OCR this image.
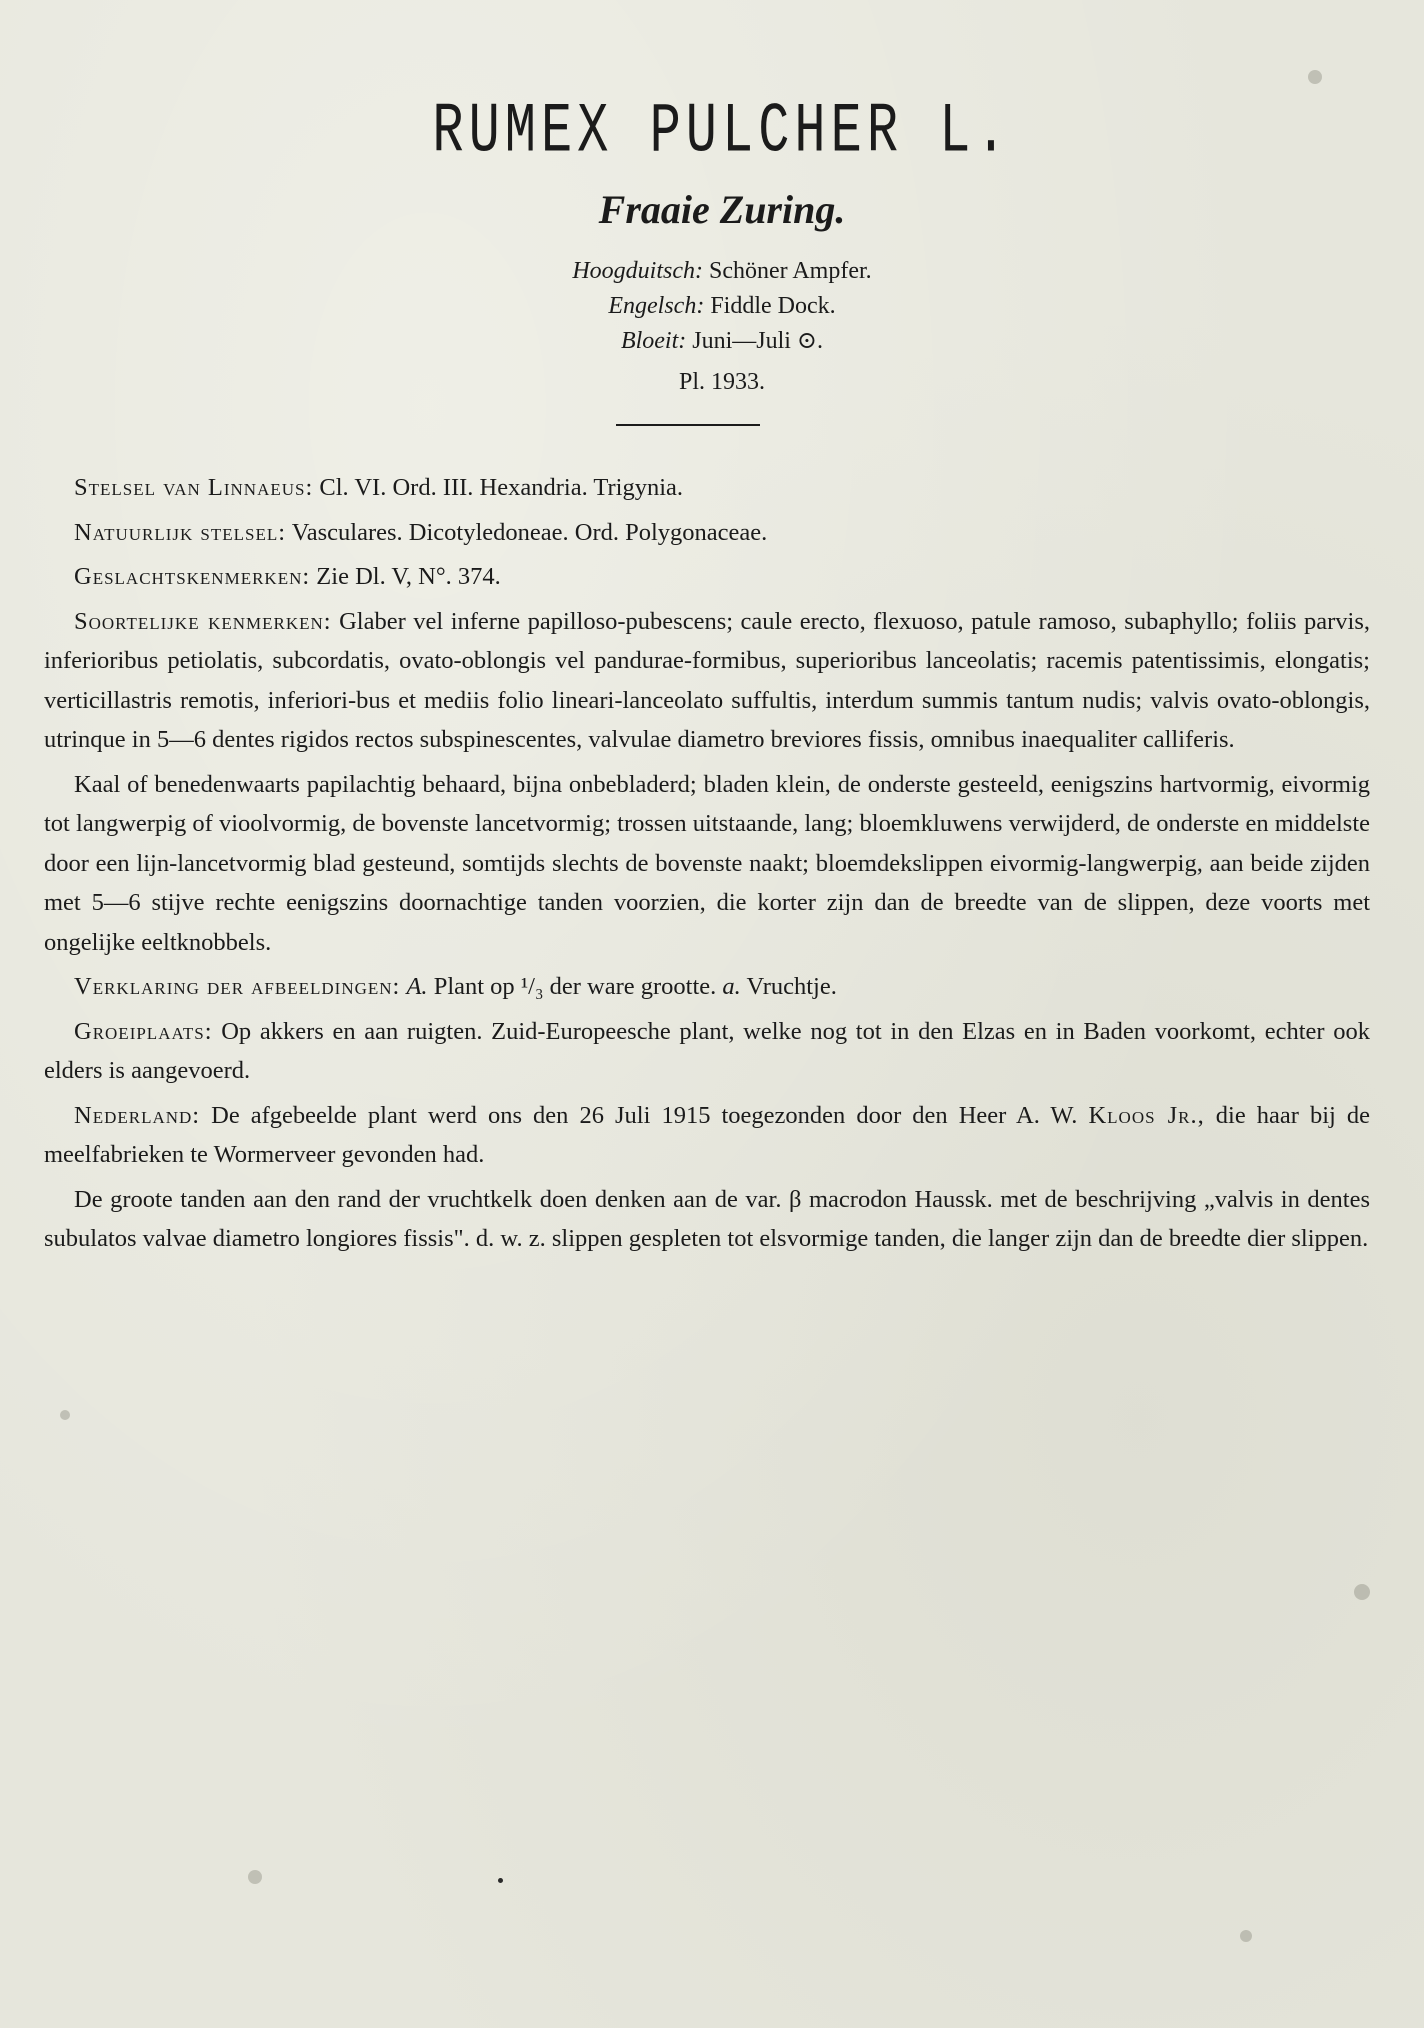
RUMEX PULCHER L.
Fraaie Zuring.
Hoogduitsch: Schöner Ampfer.
Engelsch: Fiddle Dock.
Bloeit: Juni—Juli ⊙.
Pl. 1933.

Stelsel van Linnaeus: Cl. VI. Ord. III. Hexandria. Trigynia.

Natuurlijk stelsel: Vasculares. Dicotyledoneae. Ord. Polygonaceae.

Geslachtskenmerken: Zie Dl. V, N°. 374.

Soortelijke kenmerken: Glaber vel inferne papilloso-pubescens; caule erecto, flexuoso, patule ramoso, subaphyllo; foliis parvis, inferioribus petiolatis, subcordatis, ovato-oblongis vel pandurae-formibus, superioribus lanceolatis; racemis patentissimis, elongatis; verticillastris remotis, inferiori-bus et mediis folio lineari-lanceolato suffultis, interdum summis tantum nudis; valvis ovato-oblongis, utrinque in 5—6 dentes rigidos rectos subspinescentes, valvulae diametro breviores fissis, omnibus inaequaliter calliferis.

Kaal of benedenwaarts papilachtig behaard, bijna onbebladerd; bladen klein, de onderste gesteeld, eenigszins hartvormig, eivormig tot langwerpig of vioolvormig, de bovenste lancetvormig; trossen uitstaande, lang; bloemkluwens verwijderd, de onderste en middelste door een lijn-lancetvormig blad gesteund, somtijds slechts de bovenste naakt; bloemdekslippen eivormig-langwerpig, aan beide zijden met 5—6 stijve rechte eenigszins doornachtige tanden voorzien, die korter zijn dan de breedte van de slippen, deze voorts met ongelijke eeltknobbels.

Verklaring der afbeeldingen: A. Plant op ¹/₃ der ware grootte. a. Vruchtje.

Groeiplaats: Op akkers en aan ruigten. Zuid-Europeesche plant, welke nog tot in den Elzas en in Baden voorkomt, echter ook elders is aangevoerd.

Nederland: De afgebeelde plant werd ons den 26 Juli 1915 toegezonden door den Heer A. W. Kloos Jr., die haar bij de meelfabrieken te Wormerveer gevonden had.

De groote tanden aan den rand der vruchtkelk doen denken aan de var. β macrodon Haussk. met de beschrijving „valvis in dentes subulatos valvae diametro longiores fissis". d. w. z. slippen gespleten tot elsvormige tanden, die langer zijn dan de breedte dier slippen.
